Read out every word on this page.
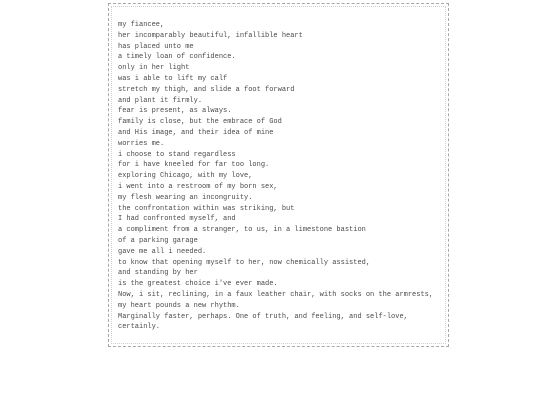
my fiancee,
her incomparably beautiful, infallible heart
has placed unto me
a timely loan of confidence.
only in her light
was i able to lift my calf
stretch my thigh, and slide a foot forward
and plant it firmly.
fear is present, as always.
family is close, but the embrace of God
and His image, and their idea of mine
worries me.
i choose to stand regardless
for i have kneeled for far too long.
exploring Chicago, with my love,
i went into a restroom of my born sex,
my flesh wearing an incongruity.
the confrontation within was striking, but
I had confronted myself, and
a compliment from a stranger, to us, in a limestone bastion
of a parking garage
gave me all i needed.
to know that opening myself to her, now chemically assisted,
and standing by her
is the greatest choice i've ever made.
Now, i sit, reclining, in a faux leather chair, with socks on the armrests, my heart pounds a new rhythm.
Marginally faster, perhaps. One of truth, and feeling, and self-love, certainly.
